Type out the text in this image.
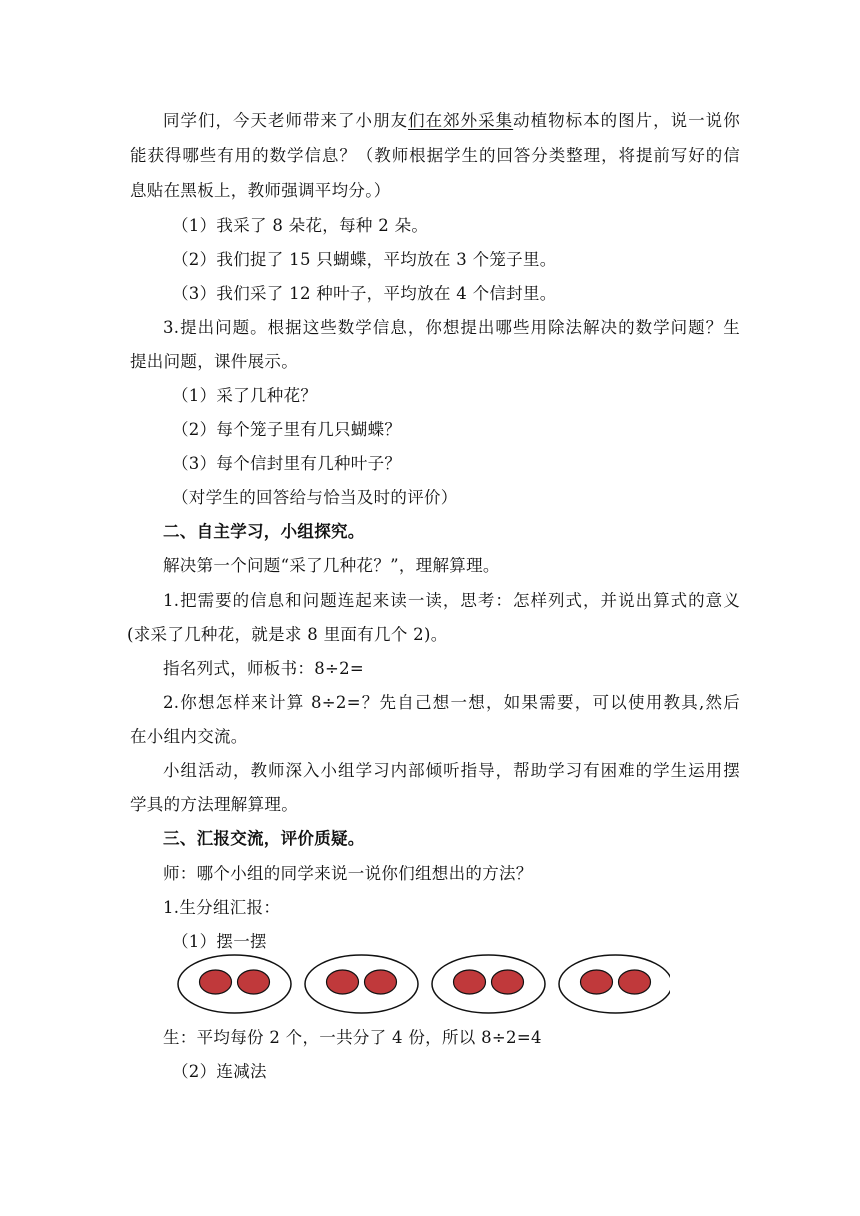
同学们，今天老师带来了小朋友们在郊外采集动植物标本的图片，说一说你
能获得哪些有用的数学信息？（教师根据学生的回答分类整理，将提前写好的信
息贴在黑板上，教师强调平均分。）
（1）我采了 8 朵花，每种 2 朵。
（2）我们捉了 15 只蝴蝶，平均放在 3 个笼子里。
（3）我们采了 12 种叶子，平均放在 4 个信封里。
3.提出问题。根据这些数学信息，你想提出哪些用除法解决的数学问题？生
提出问题，课件展示。
（1）采了几种花？
（2）每个笼子里有几只蝴蝶？
（3）每个信封里有几种叶子？
（对学生的回答给与恰当及时的评价）
二、自主学习，小组探究。
解决第一个问题“采了几种花？”，理解算理。
1.把需要的信息和问题连起来读一读，思考：怎样列式，并说出算式的意义
(求采了几种花，就是求 8 里面有几个 2)。
指名列式，师板书：8÷2=
2.你想怎样来计算 8÷2=？先自己想一想，如果需要，可以使用教具,然后
在小组内交流。
小组活动，教师深入小组学习内部倾听指导，帮助学习有困难的学生运用摆
学具的方法理解算理。
三、汇报交流，评价质疑。
师：哪个小组的同学来说一说你们组想出的方法？
1.生分组汇报：
（1）摆一摆
生：平均每份 2 个，一共分了 4 份，所以 8÷2=4
（2）连减法
